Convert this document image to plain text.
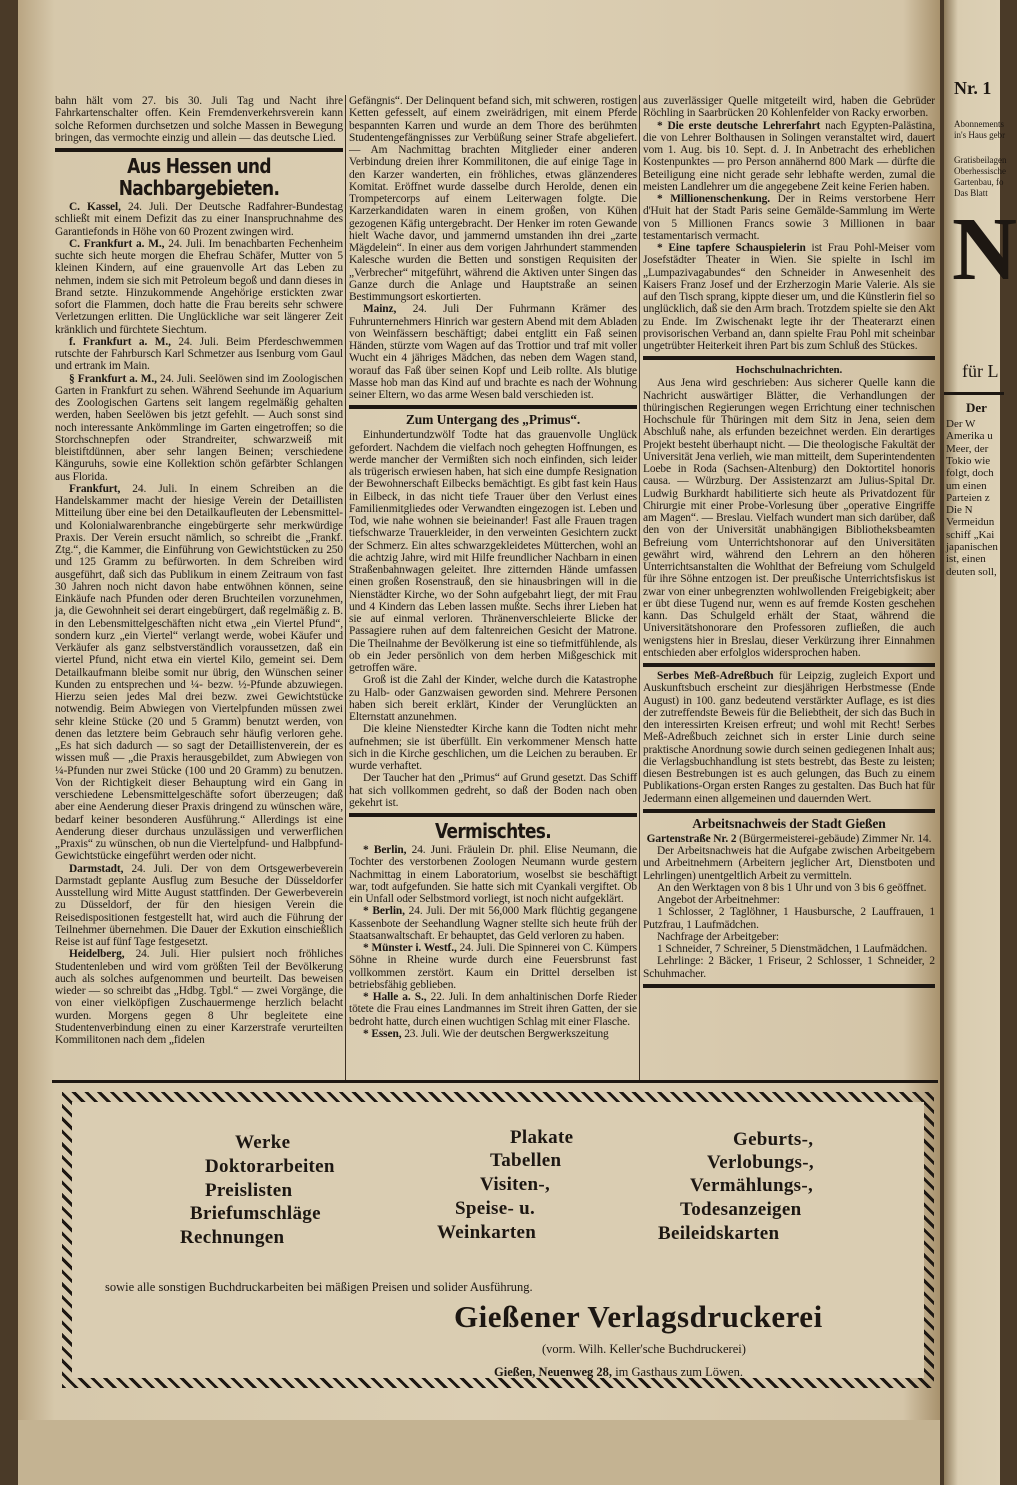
Nr. 1
Abonnements
in's Haus gebr
Gratisbeilagen
Oberhessische
Gartenbau, fo
Das Blatt
N
für L
Der
Der W
Amerika u
Meer, der
Tokio wie
folgt, doch
um einen
Parteien z
Die N
Vermeidun
schiff „Kai
japanischen
ist, einen
deuten soll,

bahn hält vom 27. bis 30. Juli Tag und Nacht ihre Fahrkartenschalter offen. Kein Fremdenverkehrsverein kann solche Reformen durchsetzen und solche Massen in Bewegung bringen, das vermochte einzig und allein — das deutsche Lied.

Aus Hessen und Nachbargebieten.

C. Kassel, 24. Juli. Der Deutsche Radfahrer-Bundestag schließt mit einem Defizit das zu einer Inanspruchnahme des Garantiefonds in Höhe von 60 Prozent zwingen wird.

C. Frankfurt a. M., 24. Juli. Im benachbarten Fechenheim suchte sich heute morgen die Ehefrau Schäfer, Mutter von 5 kleinen Kindern, auf eine grauenvolle Art das Leben zu nehmen, indem sie sich mit Petroleum begoß und dann dieses in Brand setzte. Hinzukommende Angehörige erstickten zwar sofort die Flammen, doch hatte die Frau bereits sehr schwere Verletzungen erlitten. Die Unglückliche war seit längerer Zeit kränklich und fürchtete Siechtum.

f. Frankfurt a. M., 24. Juli. Beim Pferdeschwemmen rutschte der Fahrbursch Karl Schmetzer aus Isenburg vom Gaul und ertrank im Main.

§ Frankfurt a. M., 24. Juli. Seelöwen sind im Zoologischen Garten in Frankfurt zu sehen. Während Seehunde im Aquarium des Zoologischen Gartens seit langem regelmäßig gehalten werden, haben Seelöwen bis jetzt gefehlt. — Auch sonst sind noch interessante Ankömmlinge im Garten eingetroffen; so die Storchschnepfen oder Strandreiter, schwarzweiß mit bleistiftdünnen, aber sehr langen Beinen; verschiedene Känguruhs, sowie eine Kollektion schön gefärbter Schlangen aus Florida.

Frankfurt, 24. Juli. In einem Schreiben an die Handelskammer macht der hiesige Verein der Detaillisten Mitteilung über eine bei den Detailkaufleuten der Lebensmittel- und Kolonialwarenbranche eingebürgerte sehr merkwürdige Praxis. Der Verein ersucht nämlich, so schreibt die „Frankf. Ztg.“, die Kammer, die Einführung von Gewichtstücken zu 250 und 125 Gramm zu befürworten. In dem Schreiben wird ausgeführt, daß sich das Publikum in einem Zeitraum von fast 30 Jahren noch nicht davon habe entwöhnen können, seine Einkäufe nach Pfunden oder deren Bruchteilen vorzunehmen, ja, die Gewohnheit sei derart eingebürgert, daß regelmäßig z. B. in den Lebensmittelgeschäften nicht etwa „ein Viertel Pfund“, sondern kurz „ein Viertel“ verlangt werde, wobei Käufer und Verkäufer als ganz selbstverständlich voraussetzen, daß ein viertel Pfund, nicht etwa ein viertel Kilo, gemeint sei. Dem Detailkaufmann bleibe somit nur übrig, den Wünschen seiner Kunden zu entsprechen und ¼- bezw. ½-Pfunde abzuwiegen. Hierzu seien jedes Mal drei bezw. zwei Gewichtstücke notwendig. Beim Abwiegen von Viertelpfunden müssen zwei sehr kleine Stücke (20 und 5 Gramm) benutzt werden, von denen das letztere beim Gebrauch sehr häufig verloren gehe. „Es hat sich dadurch — so sagt der Detaillistenverein, der es wissen muß — „die Praxis herausgebildet, zum Abwiegen von ¼-Pfunden nur zwei Stücke (100 und 20 Gramm) zu benutzen. Von der Richtigkeit dieser Behauptung wird ein Gang in verschiedene Lebensmittelgeschäfte sofort überzeugen; daß aber eine Aenderung dieser Praxis dringend zu wünschen wäre, bedarf keiner besonderen Ausführung.“ Allerdings ist eine Aenderung dieser durchaus unzulässigen und verwerflichen „Praxis“ zu wünschen, ob nun die Viertelpfund- und Halbpfund-Gewichtstücke eingeführt werden oder nicht.

Darmstadt, 24. Juli. Der von dem Ortsgewerbeverein Darmstadt geplante Ausflug zum Besuche der Düsseldorfer Ausstellung wird Mitte August stattfinden. Der Gewerbeverein zu Düsseldorf, der für den hiesigen Verein die Reisedispositionen festgestellt hat, wird auch die Führung der Teilnehmer übernehmen. Die Dauer der Exkution einschießlich Reise ist auf fünf Tage festgesetzt.

Heidelberg, 24. Juli. Hier pulsiert noch fröhliches Studentenleben und wird vom größten Teil der Bevölkerung auch als solches aufgenommen und beurteilt. Das beweisen wieder — so schreibt das „Hdbg. Tgbl.“ — zwei Vorgänge, die von einer vielköpfigen Zuschauermenge herzlich belacht wurden. Morgens gegen 8 Uhr begleitete eine Studentenverbindung einen zu einer Karzerstrafe verurteilten Kommilitonen nach dem „fidelen

Gefängnis“. Der Delinquent befand sich, mit schweren, rostigen Ketten gefesselt, auf einem zweirädrigen, mit einem Pferde bespannten Karren und wurde an dem Thore des berühmten Studentengefängnisses zur Verbüßung seiner Strafe abgeliefert. — Am Nachmittag brachten Mitglieder einer anderen Verbindung dreien ihrer Kommilitonen, die auf einige Tage in den Karzer wanderten, ein fröhliches, etwas glänzenderes Komitat. Eröffnet wurde dasselbe durch Herolde, denen ein Trompetercorps auf einem Leiterwagen folgte. Die Karzerkandidaten waren in einem großen, von Kühen gezogenen Käfig untergebracht. Der Henker im roten Gewande hielt Wache davor, und jammernd umstanden ihn drei „zarte Mägdelein“. In einer aus dem vorigen Jahrhundert stammenden Kalesche wurden die Betten und sonstigen Requisiten der „Verbrecher“ mitgeführt, während die Aktiven unter Singen das Ganze durch die Anlage und Hauptstraße an seinen Bestimmungsort eskortierten.

Mainz, 24. Juli Der Fuhrmann Krämer des Fuhrunternehmers Hinrich war gestern Abend mit dem Abladen von Weinfässern beschäftigt; dabei entglitt ein Faß seinen Händen, stürzte vom Wagen auf das Trottior und traf mit voller Wucht ein 4 jähriges Mädchen, das neben dem Wagen stand, worauf das Faß über seinen Kopf und Leib rollte. Als blutige Masse hob man das Kind auf und brachte es nach der Wohnung seiner Eltern, wo das arme Wesen bald verschieden ist.

Zum Untergang des „Primus“.

Einhundertundzwölf Todte hat das grauenvolle Unglück gefordert. Nachdem die vielfach noch gehegten Hoffnungen, es werde mancher der Vermißten sich noch einfinden, sich leider als trügerisch erwiesen haben, hat sich eine dumpfe Resignation der Bewohnerschaft Eilbecks bemächtigt. Es gibt fast kein Haus in Eilbeck, in das nicht tiefe Trauer über den Verlust eines Familienmitgliedes oder Verwandten eingezogen ist. Leben und Tod, wie nahe wohnen sie beieinander! Fast alle Frauen tragen tiefschwarze Trauerkleider, in den verweinten Gesichtern zuckt der Schmerz. Ein altes schwarzgekleidetes Mütterchen, wohl an die achtzig Jahre, wird mit Hilfe freundlicher Nachbarn in einen Straßenbahnwagen geleitet. Ihre zitternden Hände umfassen einen großen Rosenstrauß, den sie hinausbringen will in die Nienstädter Kirche, wo der Sohn aufgebahrt liegt, der mit Frau und 4 Kindern das Leben lassen mußte. Sechs ihrer Lieben hat sie auf einmal verloren. Thränenverschleierte Blicke der Passagiere ruhen auf dem faltenreichen Gesicht der Matrone. Die Theilnahme der Bevölkerung ist eine so tiefmitfühlende, als ob ein Jeder persönlich von dem herben Mißgeschick mit getroffen wäre.

Groß ist die Zahl der Kinder, welche durch die Katastrophe zu Halb- oder Ganzwaisen geworden sind. Mehrere Personen haben sich bereit erklärt, Kinder der Verunglückten an Elternstatt anzunehmen.

Die kleine Nienstedter Kirche kann die Todten nicht mehr aufnehmen; sie ist überfüllt. Ein verkommener Mensch hatte sich in die Kirche geschlichen, um die Leichen zu berauben. Er wurde verhaftet.

Der Taucher hat den „Primus“ auf Grund gesetzt. Das Schiff hat sich vollkommen gedreht, so daß der Boden nach oben gekehrt ist.

Vermischtes.

* Berlin, 24. Juni. Fräulein Dr. phil. Elise Neumann, die Tochter des verstorbenen Zoologen Neumann wurde gestern Nachmittag in einem Laboratorium, woselbst sie beschäftigt war, todt aufgefunden. Sie hatte sich mit Cyankali vergiftet. Ob ein Unfall oder Selbstmord vorliegt, ist noch nicht aufgeklärt.

* Berlin, 24. Juli. Der mit 56,000 Mark flüchtig gegangene Kassenbote der Seehandlung Wagner stellte sich heute früh der Staatsanwaltschaft. Er behauptet, das Geld verloren zu haben.

* Münster i. Westf., 24. Juli. Die Spinnerei von C. Kümpers Söhne in Rheine wurde durch eine Feuersbrunst fast vollkommen zerstört. Kaum ein Drittel derselben ist betriebsfähig geblieben.

* Halle a. S., 22. Juli. In dem anhaltinischen Dorfe Rieder tötete die Frau eines Landmannes im Streit ihren Gatten, der sie bedroht hatte, durch einen wuchtigen Schlag mit einer Flasche.

* Essen, 23. Juli. Wie der deutschen Bergwerkszeitung

aus zuverlässiger Quelle mitgeteilt wird, haben die Gebrüder Röchling in Saarbrücken 20 Kohlenfelder von Racky erworben.

* Die erste deutsche Lehrerfahrt nach Egypten-Palästina, die von Lehrer Bolthausen in Solingen veranstaltet wird, dauert vom 1. Aug. bis 10. Sept. d. J. In Anbetracht des erheblichen Kostenpunktes — pro Person annähernd 800 Mark — dürfte die Beteiligung eine nicht gerade sehr lebhafte werden, zumal die meisten Landlehrer um die angegebene Zeit keine Ferien haben.

* Millionenschenkung. Der in Reims verstorbene Herr d'Huit hat der Stadt Paris seine Gemälde-Sammlung im Werte von 5 Millionen Francs sowie 3 Millionen in baar testamentarisch vermacht.

* Eine tapfere Schauspielerin ist Frau Pohl-Meiser vom Josefstädter Theater in Wien. Sie spielte in Ischl im „Lumpazivagabundes“ den Schneider in Anwesenheit des Kaisers Franz Josef und der Erzherzogin Marie Valerie. Als sie auf den Tisch sprang, kippte dieser um, und die Künstlerin fiel so unglücklich, daß sie den Arm brach. Trotzdem spielte sie den Akt zu Ende. Im Zwischenakt legte ihr der Theaterarzt einen provisorischen Verband an, dann spielte Frau Pohl mit scheinbar ungetrübter Heiterkeit ihren Part bis zum Schluß des Stückes.

Hochschulnachrichten.

Aus Jena wird geschrieben: Aus sicherer Quelle kann die Nachricht auswärtiger Blätter, die Verhandlungen der thüringischen Regierungen wegen Errichtung einer technischen Hochschule für Thüringen mit dem Sitz in Jena, seien dem Abschluß nahe, als erfunden bezeichnet werden. Ein derartiges Projekt besteht überhaupt nicht. — Die theologische Fakultät der Universität Jena verlieh, wie man mitteilt, dem Superintendenten Loebe in Roda (Sachsen-Altenburg) den Doktortitel honoris causa. — Würzburg. Der Assistenzarzt am Julius-Spital Dr. Ludwig Burkhardt habilitierte sich heute als Privatdozent für Chirurgie mit einer Probe-Vorlesung über „operative Eingriffe am Magen“. — Breslau. Vielfach wundert man sich darüber, daß den von der Universität unabhängigen Bibliotheksbeamten Befreiung vom Unterrichtshonorar auf den Universitäten gewährt wird, während den Lehrern an den höheren Unterrichtsanstalten die Wohlthat der Befreiung vom Schulgeld für ihre Söhne entzogen ist. Der preußische Unterrichtsfiskus ist zwar von einer unbegrenzten wohlwollenden Freigebigkeit; aber er übt diese Tugend nur, wenn es auf fremde Kosten geschehen kann. Das Schulgeld erhält der Staat, während die Universitätshonorare den Professoren zufließen, die auch wenigstens hier in Breslau, dieser Verkürzung ihrer Einnahmen entschieden aber erfolglos widersprochen haben.

Serbes Meß-Adreßbuch für Leipzig, zugleich Export und Auskunftsbuch erscheint zur diesjährigen Herbstmesse (Ende August) in 100. ganz bedeutend verstärkter Auflage, es ist dies der zutreffendste Beweis für die Beliebtheit, der sich das Buch in den interessirten Kreisen erfreut; und wohl mit Recht! Serbes Meß-Adreßbuch zeichnet sich in erster Linie durch seine praktische Anordnung sowie durch seinen gediegenen Inhalt aus; die Verlagsbuchhandlung ist stets bestrebt, das Beste zu leisten; diesen Bestrebungen ist es auch gelungen, das Buch zu einem Publikations-Organ ersten Ranges zu gestalten. Das Buch hat für Jedermann einen allgemeinen und dauernden Wert.

Arbeitsnachweis der Stadt Gießen

Gartenstraße Nr. 2 (Bürgermeisterei-gebäude) Zimmer Nr. 14.

Der Arbeitsnachweis hat die Aufgabe zwischen Arbeitgebern und Arbeitnehmern (Arbeitern jeglicher Art, Dienstboten und Lehrlingen) unentgeltlich Arbeit zu vermitteln.

An den Werktagen von 8 bis 1 Uhr und von 3 bis 6 geöffnet.

Angebot der Arbeitnehmer:

1 Schlosser, 2 Taglöhner, 1 Hausbursche, 2 Lauffrauen, 1 Putzfrau, 1 Laufmädchen.

Nachfrage der Arbeitgeber:

1 Schneider, 7 Schreiner, 5 Dienstmädchen, 1 Laufmädchen.

Lehrlinge: 2 Bäcker, 1 Friseur, 2 Schlosser, 1 Schneider, 2 Schuhmacher.

Werke
Doktorarbeiten
Preislisten
Briefumschläge
Rechnungen
Plakate
Tabellen
Visiten-,
Speise- u.
Weinkarten
Geburts-,
Verlobungs-,
Vermählungs-,
Todesanzeigen
Beileidskarten
sowie alle sonstigen Buchdruckarbeiten bei mäßigen Preisen und solider Ausführung.
Gießener Verlagsdruckerei
(vorm. Wilh. Keller'sche Buchdruckerei)
Gießen, Neuenweg 28, im Gasthaus zum Löwen.
